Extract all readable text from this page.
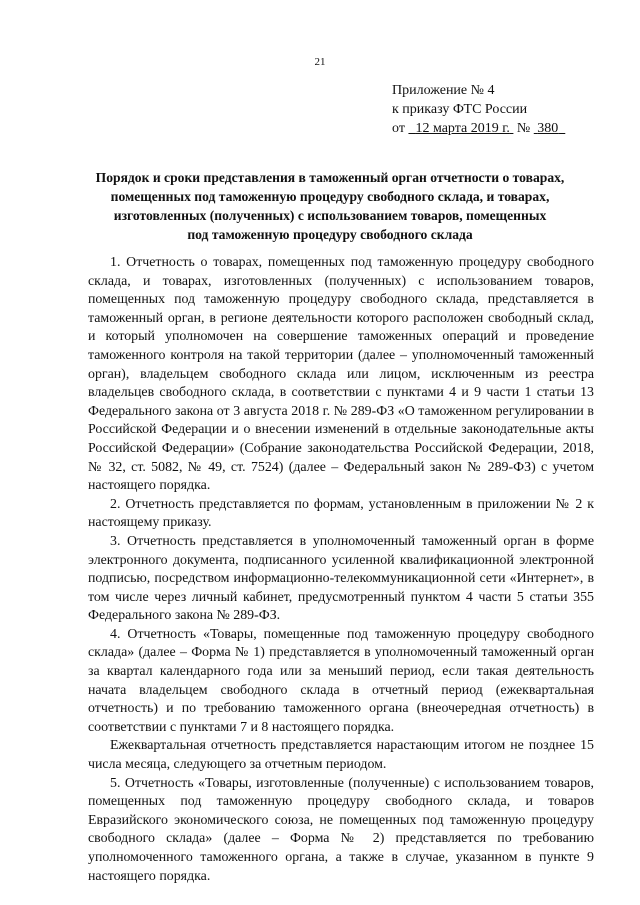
21
Приложение № 4
к приказу ФТС России
от 12 марта 2019 г. № 380
Порядок и сроки представления в таможенный орган отчетности о товарах,
помещенных под таможенную процедуру свободного склада, и товарах,
изготовленных (полученных) с использованием товаров, помещенных
под таможенную процедуру свободного склада

1. Отчетность о товарах, помещенных под таможенную процедуру свободного склада, и товарах, изготовленных (полученных) с использованием товаров, помещенных под таможенную процедуру свободного склада, представляется в таможенный орган, в регионе деятельности которого расположен свободный склад, и который уполномочен на совершение таможенных операций и проведение таможенного контроля на такой территории (далее – уполномоченный таможенный орган), владельцем свободного склада или лицом, исключенным из реестра владельцев свободного склада, в соответствии с пунктами 4 и 9 части 1 статьи 13 Федерального закона от 3 августа 2018 г. № 289-ФЗ «О таможенном регулировании в Российской Федерации и о внесении изменений в отдельные законодательные акты Российской Федерации» (Собрание законодательства Российской Федерации, 2018, № 32, ст. 5082, № 49, ст. 7524) (далее – Федеральный закон № 289-ФЗ) с учетом настоящего порядка.

2. Отчетность представляется по формам, установленным в приложении № 2 к настоящему приказу.

3. Отчетность представляется в уполномоченный таможенный орган в форме электронного документа, подписанного усиленной квалификационной электронной подписью, посредством информационно-телекоммуникационной сети «Интернет», в том числе через личный кабинет, предусмотренный пунктом 4 части 5 статьи 355 Федерального закона № 289-ФЗ.

4. Отчетность «Товары, помещенные под таможенную процедуру свободного склада» (далее – Форма № 1) представляется в уполномоченный таможенный орган за квартал календарного года или за меньший период, если такая деятельность начата владельцем свободного склада в отчетный период (ежеквартальная отчетность) и по требованию таможенного органа (внеочередная отчетность) в соответствии с пунктами 7 и 8 настоящего порядка.

Ежеквартальная отчетность представляется нарастающим итогом не позднее 15 числа месяца, следующего за отчетным периодом.

5. Отчетность «Товары, изготовленные (полученные) с использованием товаров, помещенных под таможенную процедуру свободного склада, и товаров Евразийского экономического союза, не помещенных под таможенную процедуру свободного склада» (далее – Форма № 2) представляется по требованию уполномоченного таможенного органа, а также в случае, указанном в пункте 9 настоящего порядка.
